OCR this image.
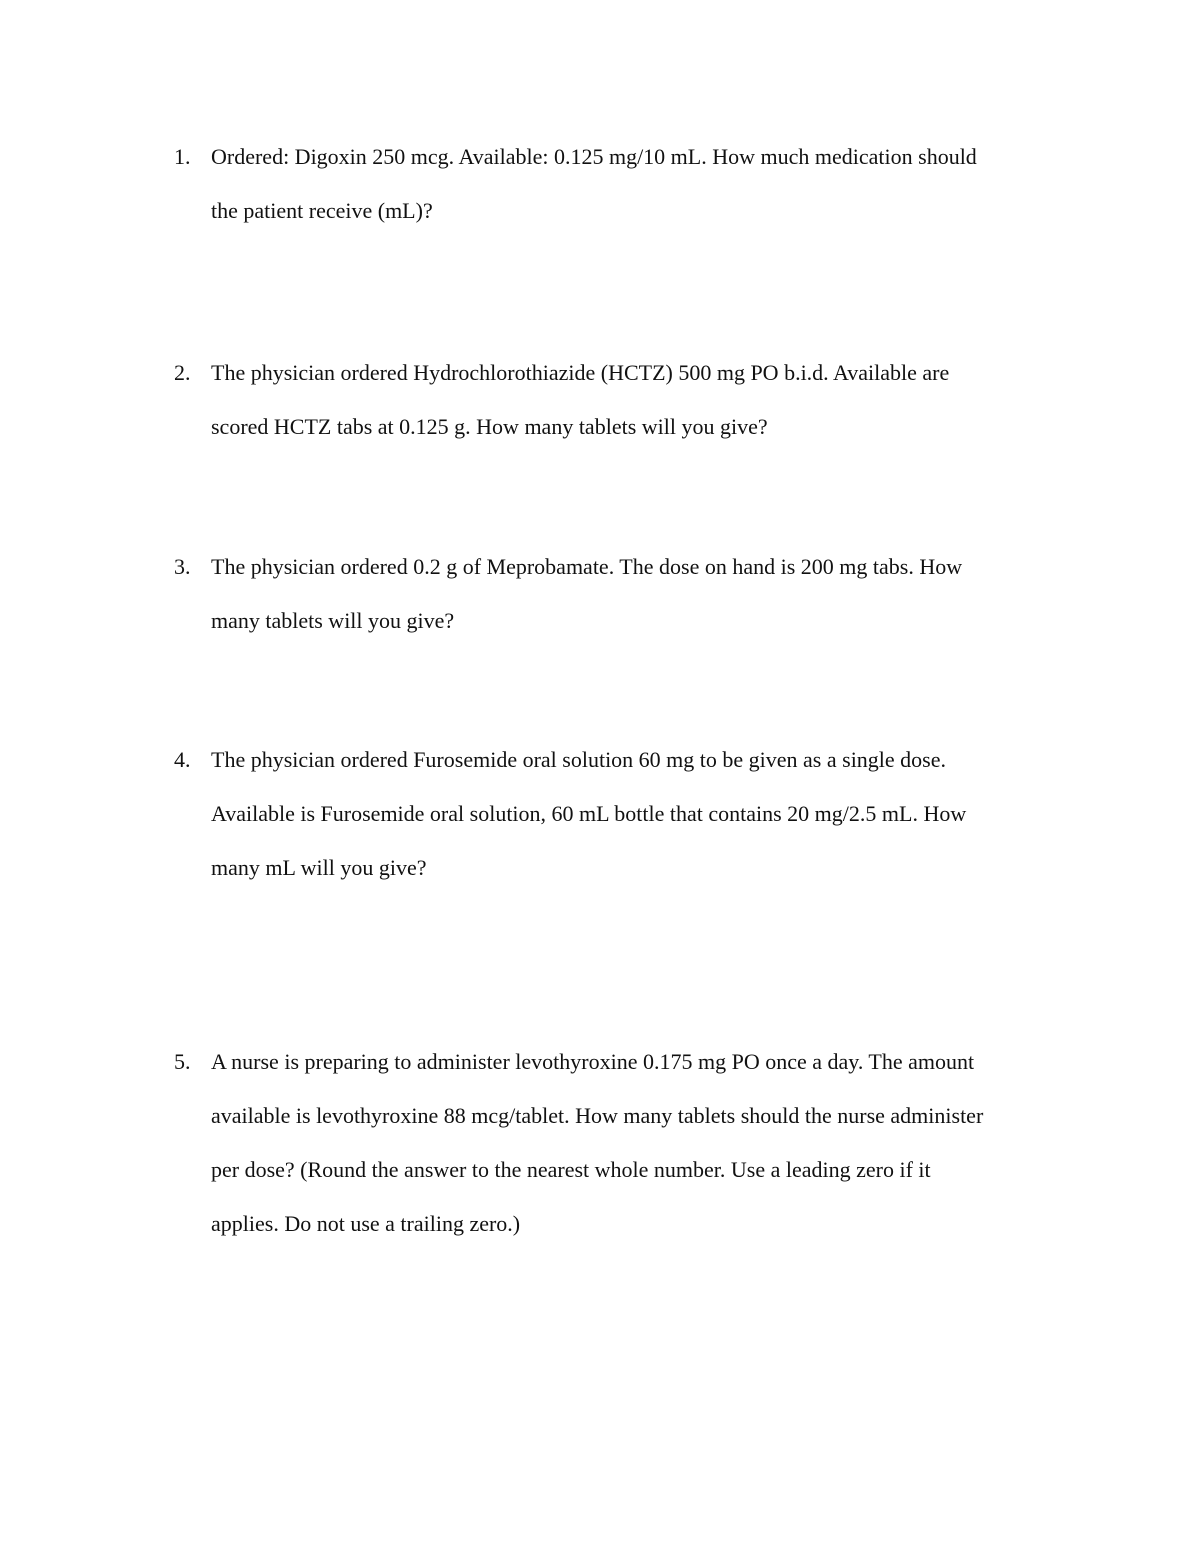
1. Ordered: Digoxin 250 mcg. Available: 0.125 mg/10 mL. How much medication should
the patient receive (mL)?
2. The physician ordered Hydrochlorothiazide (HCTZ) 500 mg PO b.i.d. Available are
scored HCTZ tabs at 0.125 g. How many tablets will you give?
3. The physician ordered 0.2 g of Meprobamate. The dose on hand is 200 mg tabs. How
many tablets will you give?
4. The physician ordered Furosemide oral solution 60 mg to be given as a single dose.
Available is Furosemide oral solution, 60 mL bottle that contains 20 mg/2.5 mL. How
many mL will you give?
5. A nurse is preparing to administer levothyroxine 0.175 mg PO once a day. The amount
available is levothyroxine 88 mcg/tablet. How many tablets should the nurse administer
per dose? (Round the answer to the nearest whole number. Use a leading zero if it
applies. Do not use a trailing zero.)
